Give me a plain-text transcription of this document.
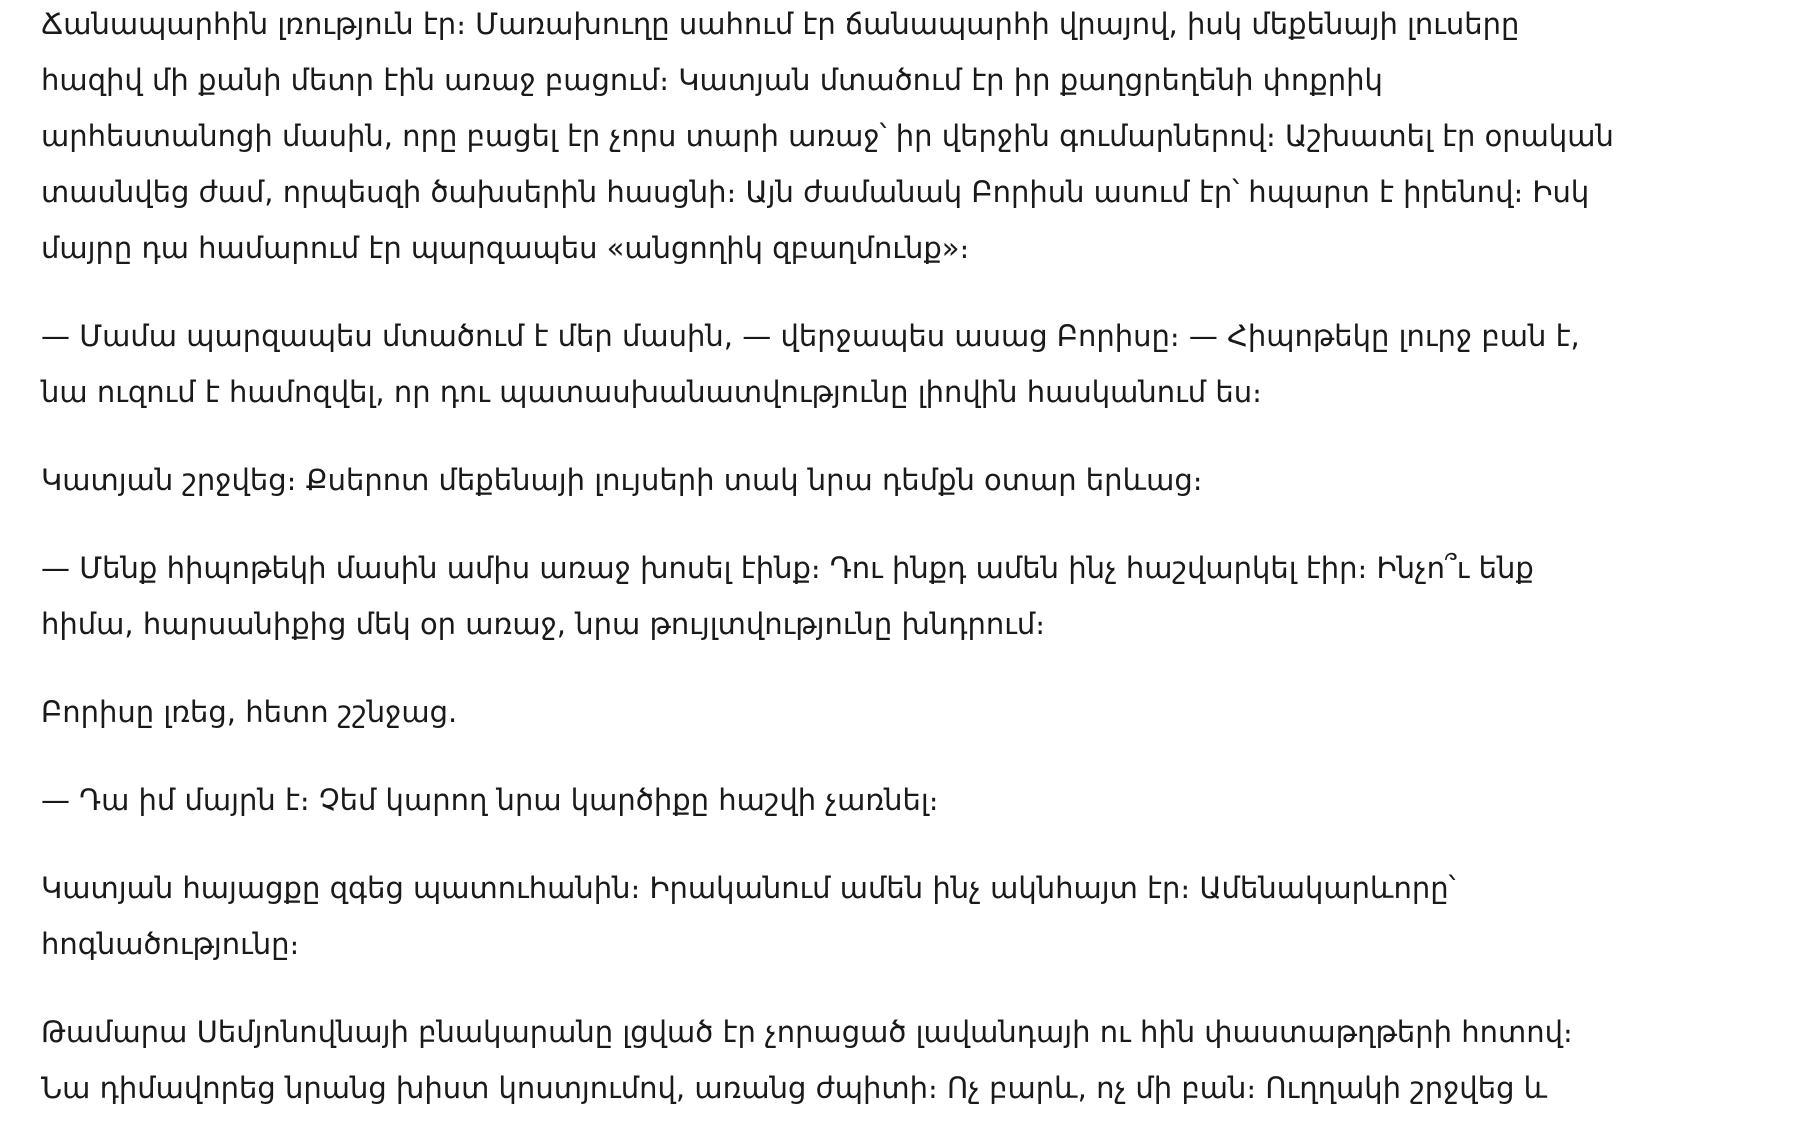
Ճանապարհին լռություն էր։ Մառախուղը սահում էր ճանապարհի վրայով, իսկ մեքենայի լուսերը
հազիվ մի քանի մետր էին առաջ բացում։ Կատյան մտածում էր իր քաղցրեղենի փոքրիկ
արհեստանոցի մասին, որը բացել էր չորս տարի առաջ՝ իր վերջին գումարներով։ Աշխատել էր օրական
տասնվեց ժամ, որպեսզի ծախսերին հասցնի։ Այն ժամանակ Բորիսն ասում էր՝ հպարտ է իրենով։ Իսկ
մայրը դա համարում էր պարզապես «անցողիկ զբաղմունք»։

— Մամա պարզապես մտածում է մեր մասին, — վերջապես ասաց Բորիսը։ — Հիպոթեկը լուրջ բան է,
նա ուզում է համոզվել, որ դու պատասխանատվությունը լիովին հասկանում ես։

Կատյան շրջվեց։ Քսերոտ մեքենայի լույսերի տակ նրա դեմքն օտար երևաց։

— Մենք հիպոթեկի մասին ամիս առաջ խոսել էինք։ Դու ինքդ ամեն ինչ հաշվարկել էիր։ Ինչո՞ւ ենք
հիմա, հարսանիքից մեկ օր առաջ, նրա թույլտվությունը խնդրում։

Բորիսը լռեց, հետո շշնջաց.

— Դա իմ մայրն է։ Չեմ կարող նրա կարծիքը հաշվի չառնել։

Կատյան հայացքը զգեց պատուհանին։ Իրականում ամեն ինչ ակնհայտ էր։ Ամենակարևորը՝
հոգնածությունը։

Թամարա Սեմյոնովնայի բնակարանը լցված էր չորացած լավանդայի ու հին փաստաթղթերի հոտով։
Նա դիմավորեց նրանց խիստ կոստյումով, առանց ժպիտի։ Ոչ բարև, ոչ մի բան։ Ուղղակի շրջվեց և
